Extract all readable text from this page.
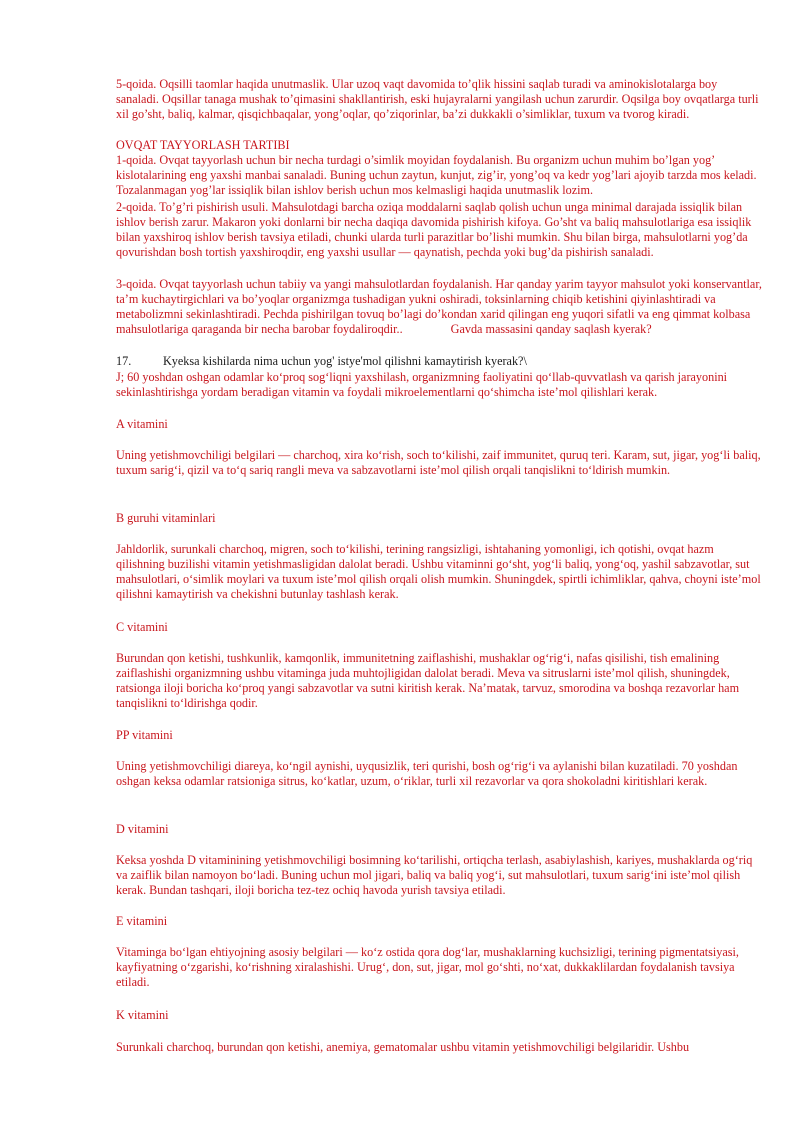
5-qoida. Oqsilli taomlar haqida unutmaslik. Ular uzoq vaqt davomida to’qlik hissini saqlab turadi va aminokislotalarga boy sanaladi. Oqsillar tanaga mushak to’qimasini shakllantirish, eski hujayralarni yangilash uchun zarurdir. Oqsilga boy ovqatlarga turli xil go’sht, baliq, kalmar, qisqichbaqalar, yong’oqlar, qo’ziqorinlar, ba’zi dukkakli o’simliklar, tuxum va tvorog kiradi.

OVQAT TAYYORLASH TARTIBI

1-qoida. Ovqat tayyorlash uchun bir necha turdagi o’simlik moyidan foydalanish. Bu organizm uchun muhim bo’lgan yog’ kislotalarining eng yaxshi manbai sanaladi. Buning uchun zaytun, kunjut, zig’ir, yong’oq va kedr yog’lari ajoyib tarzda mos keladi. Tozalanmagan yog’lar issiqlik bilan ishlov berish uchun mos kelmasligi haqida unutmaslik lozim.

2-qoida. To’g’ri pishirish usuli. Mahsulotdagi barcha oziqa moddalarni saqlab qolish uchun unga minimal darajada issiqlik bilan ishlov berish zarur. Makaron yoki donlarni bir necha daqiqa davomida pishirish kifoya. Go’sht va baliq mahsulotlariga esa issiqlik bilan yaxshiroq ishlov berish tavsiya etiladi, chunki ularda turli parazitlar bo’lishi mumkin. Shu bilan birga, mahsulotlarni yog’da qovurishdan bosh tortish yaxshiroqdir, eng yaxshi usullar — qaynatish, pechda yoki bug’da pishirish sanaladi.

3-qoida. Ovqat tayyorlash uchun tabiiy va yangi mahsulotlardan foydalanish. Har qanday yarim tayyor mahsulot yoki konservantlar, ta’m kuchaytirgichlari va bo’yoqlar organizmga tushadigan yukni oshiradi, toksinlarning chiqib ketishini qiyinlashtiradi va metabolizmni sekinlashtiradi. Pechda pishirilgan tovuq bo’lagi do’kondan xarid qilingan eng yuqori sifatli va eng qimmat kolbasa mahsulotlariga qaraganda bir necha barobar foydaliroqdir..	Gavda massasini qanday saqlash kyerak?

17.	Kyeksa kishilarda nima uchun yog' istye'mol qilishni kamaytirish kyerak?\

J; 60 yoshdan oshgan odamlar ko‘proq sog‘liqni yaxshilash, organizmning faoliyatini qo‘llab-quvvatlash va qarish jarayonini sekinlashtirishga yordam beradigan vitamin va foydali mikroelementlarni qo‘shimcha iste’mol qilishlari kerak.

A vitamini

Uning yetishmovchiligi belgilari — charchoq, xira ko‘rish, soch to‘kilishi, zaif immunitet, quruq teri. Karam, sut, jigar, yog‘li baliq, tuxum sarig‘i, qizil va to‘q sariq rangli meva va sabzavotlarni iste’mol qilish orqali tanqislikni to‘ldirish mumkin.

B guruhi vitaminlari

Jahldorlik, surunkali charchoq, migren, soch to‘kilishi, terining rangsizligi, ishtahaning yomonligi, ich qotishi, ovqat hazm qilishning buzilishi vitamin yetishmasligidan dalolat beradi. Ushbu vitaminni go‘sht, yog‘li baliq, yong‘oq, yashil sabzavotlar, sut mahsulotlari, o‘simlik moylari va tuxum iste’mol qilish orqali olish mumkin. Shuningdek, spirtli ichimliklar, qahva, choyni iste’mol qilishni kamaytirish va chekishni butunlay tashlash kerak.

C vitamini

Burundan qon ketishi, tushkunlik, kamqonlik, immunitetning zaiflashishi, mushaklar og‘rig‘i, nafas qisilishi, tish emalining zaiflashishi organizmning ushbu vitaminga juda muhtojligidan dalolat beradi. Meva va sitruslarni iste’mol qilish, shuningdek, ratsionga iloji boricha ko‘proq yangi sabzavotlar va sutni kiritish kerak. Na’matak, tarvuz, smorodina va boshqa rezavorlar ham tanqislikni to‘ldirishga qodir.

PP vitamini

Uning yetishmovchiligi diareya, ko‘ngil aynishi, uyqusizlik, teri qurishi, bosh og‘rig‘i va aylanishi bilan kuzatiladi. 70 yoshdan oshgan keksa odamlar ratsioniga sitrus, ko‘katlar, uzum, o‘riklar, turli xil rezavorlar va qora shokoladni kiritishlari kerak.

D vitamini

Keksa yoshda D vitaminining yetishmovchiligi bosimning ko‘tarilishi, ortiqcha terlash, asabiylashish, kariyes, mushaklarda og‘riq va zaiflik bilan namoyon bo‘ladi. Buning uchun mol jigari, baliq va baliq yog‘i, sut mahsulotlari, tuxum sarig‘ini iste’mol qilish kerak. Bundan tashqari, iloji boricha tez-tez ochiq havoda yurish tavsiya etiladi.

E vitamini

Vitaminga bo‘lgan ehtiyojning asosiy belgilari — ko‘z ostida qora dog‘lar, mushaklarning kuchsizligi, terining pigmentatsiyasi, kayfiyatning o‘zgarishi, ko‘rishning xiralashishi. Urug‘, don, sut, jigar, mol go‘shti, no‘xat, dukkaklilardan foydalanish tavsiya etiladi.

K vitamini

Surunkali charchoq, burundan qon ketishi, anemiya, gematomalar ushbu vitamin yetishmovchiligi belgilaridir. Ushbu
